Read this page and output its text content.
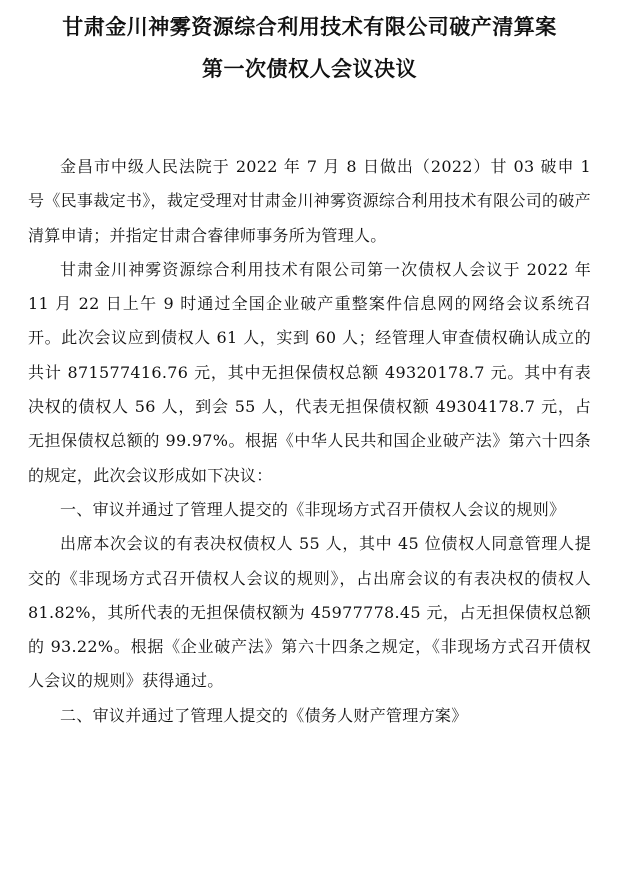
甘肃金川神雾资源综合利用技术有限公司破产清算案
第一次债权人会议决议

金昌市中级人民法院于 2022 年 7 月 8 日做出（2022）甘 03 破申 1 号《民事裁定书》，裁定受理对甘肃金川神雾资源综合利用技术有限公司的破产清算申请；并指定甘肃合睿律师事务所为管理人。

甘肃金川神雾资源综合利用技术有限公司第一次债权人会议于 2022 年 11 月 22 日上午 9 时通过全国企业破产重整案件信息网的网络会议系统召开。此次会议应到债权人 61 人，实到 60 人；经管理人审查债权确认成立的共计 871577416.76 元，其中无担保债权总额 49320178.7 元。其中有表决权的债权人 56 人，到会 55 人，代表无担保债权额 49304178.7 元，占无担保债权总额的 99.97%。根据《中华人民共和国企业破产法》第六十四条的规定，此次会议形成如下决议：

一、审议并通过了管理人提交的《非现场方式召开债权人会议的规则》

出席本次会议的有表决权债权人 55 人，其中 45 位债权人同意管理人提交的《非现场方式召开债权人会议的规则》，占出席会议的有表决权的债权人 81.82%，其所代表的无担保债权额为 45977778.45 元，占无担保债权总额的 93.22%。根据《企业破产法》第六十四条之规定，《非现场方式召开债权人会议的规则》获得通过。

二、审议并通过了管理人提交的《债务人财产管理方案》
